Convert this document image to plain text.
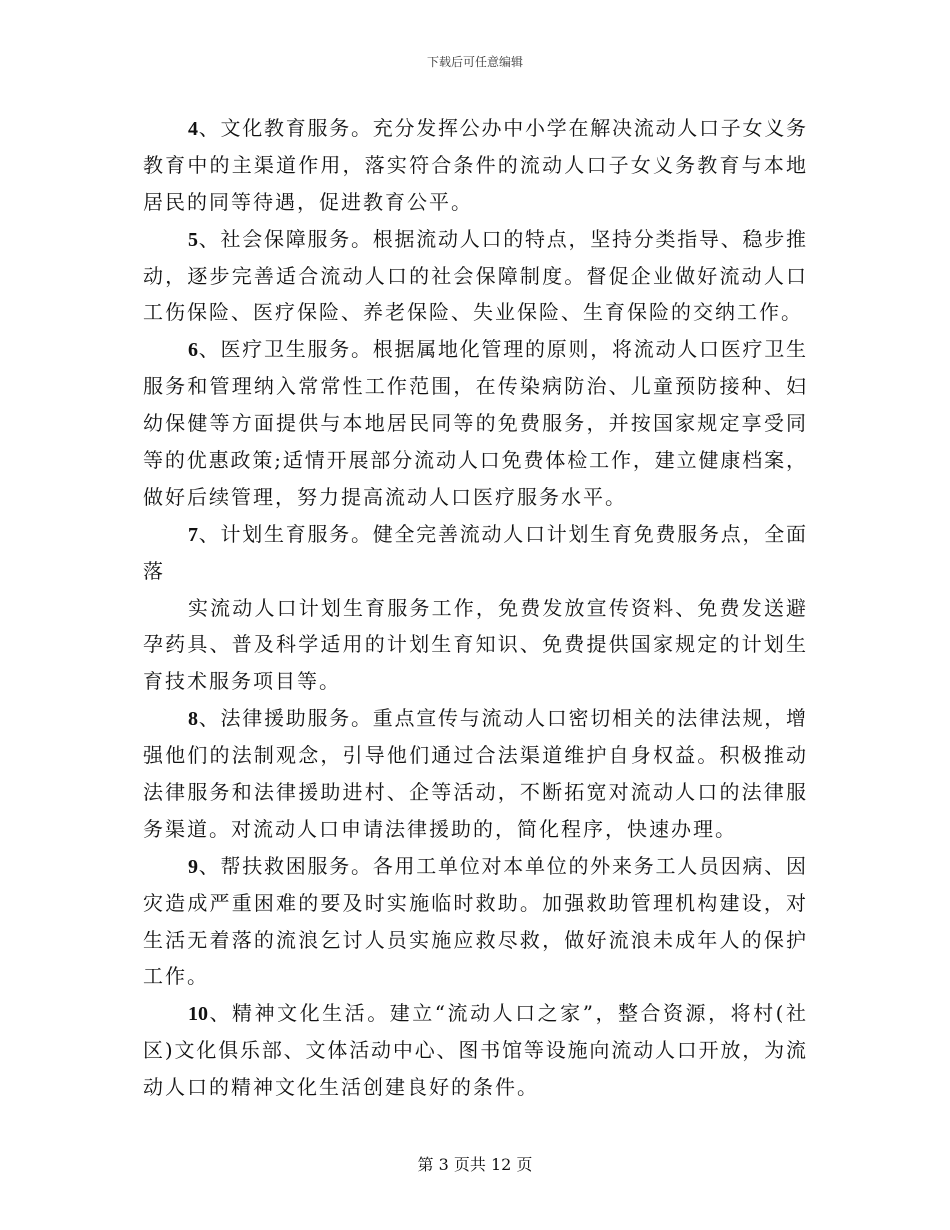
下载后可任意编辑
4、文化教育服务。充分发挥公办中小学在解决流动人口子女义务
教育中的主渠道作用，落实符合条件的流动人口子女义务教育与本地
居民的同等待遇，促进教育公平。
5、社会保障服务。根据流动人口的特点，坚持分类指导、稳步推
动，逐步完善适合流动人口的社会保障制度。督促企业做好流动人口
工伤保险、医疗保险、养老保险、失业保险、生育保险的交纳工作。
6、医疗卫生服务。根据属地化管理的原则，将流动人口医疗卫生
服务和管理纳入常常性工作范围，在传染病防治、儿童预防接种、妇
幼保健等方面提供与本地居民同等的免费服务，并按国家规定享受同
等的优惠政策;适情开展部分流动人口免费体检工作，建立健康档案，
做好后续管理，努力提高流动人口医疗服务水平。
7、计划生育服务。健全完善流动人口计划生育免费服务点，全面
落
实流动人口计划生育服务工作，免费发放宣传资料、免费发送避
孕药具、普及科学适用的计划生育知识、免费提供国家规定的计划生
育技术服务项目等。
8、法律援助服务。重点宣传与流动人口密切相关的法律法规，增
强他们的法制观念，引导他们通过合法渠道维护自身权益。积极推动
法律服务和法律援助进村、企等活动，不断拓宽对流动人口的法律服
务渠道。对流动人口申请法律援助的，简化程序，快速办理。
9、帮扶救困服务。各用工单位对本单位的外来务工人员因病、因
灾造成严重困难的要及时实施临时救助。加强救助管理机构建设，对
生活无着落的流浪乞讨人员实施应救尽救，做好流浪未成年人的保护
工作。
10、精神文化生活。建立“流动人口之家”，整合资源，将村(社
区)文化俱乐部、文体活动中心、图书馆等设施向流动人口开放，为流
动人口的精神文化生活创建良好的条件。
第 3 页共 12 页
